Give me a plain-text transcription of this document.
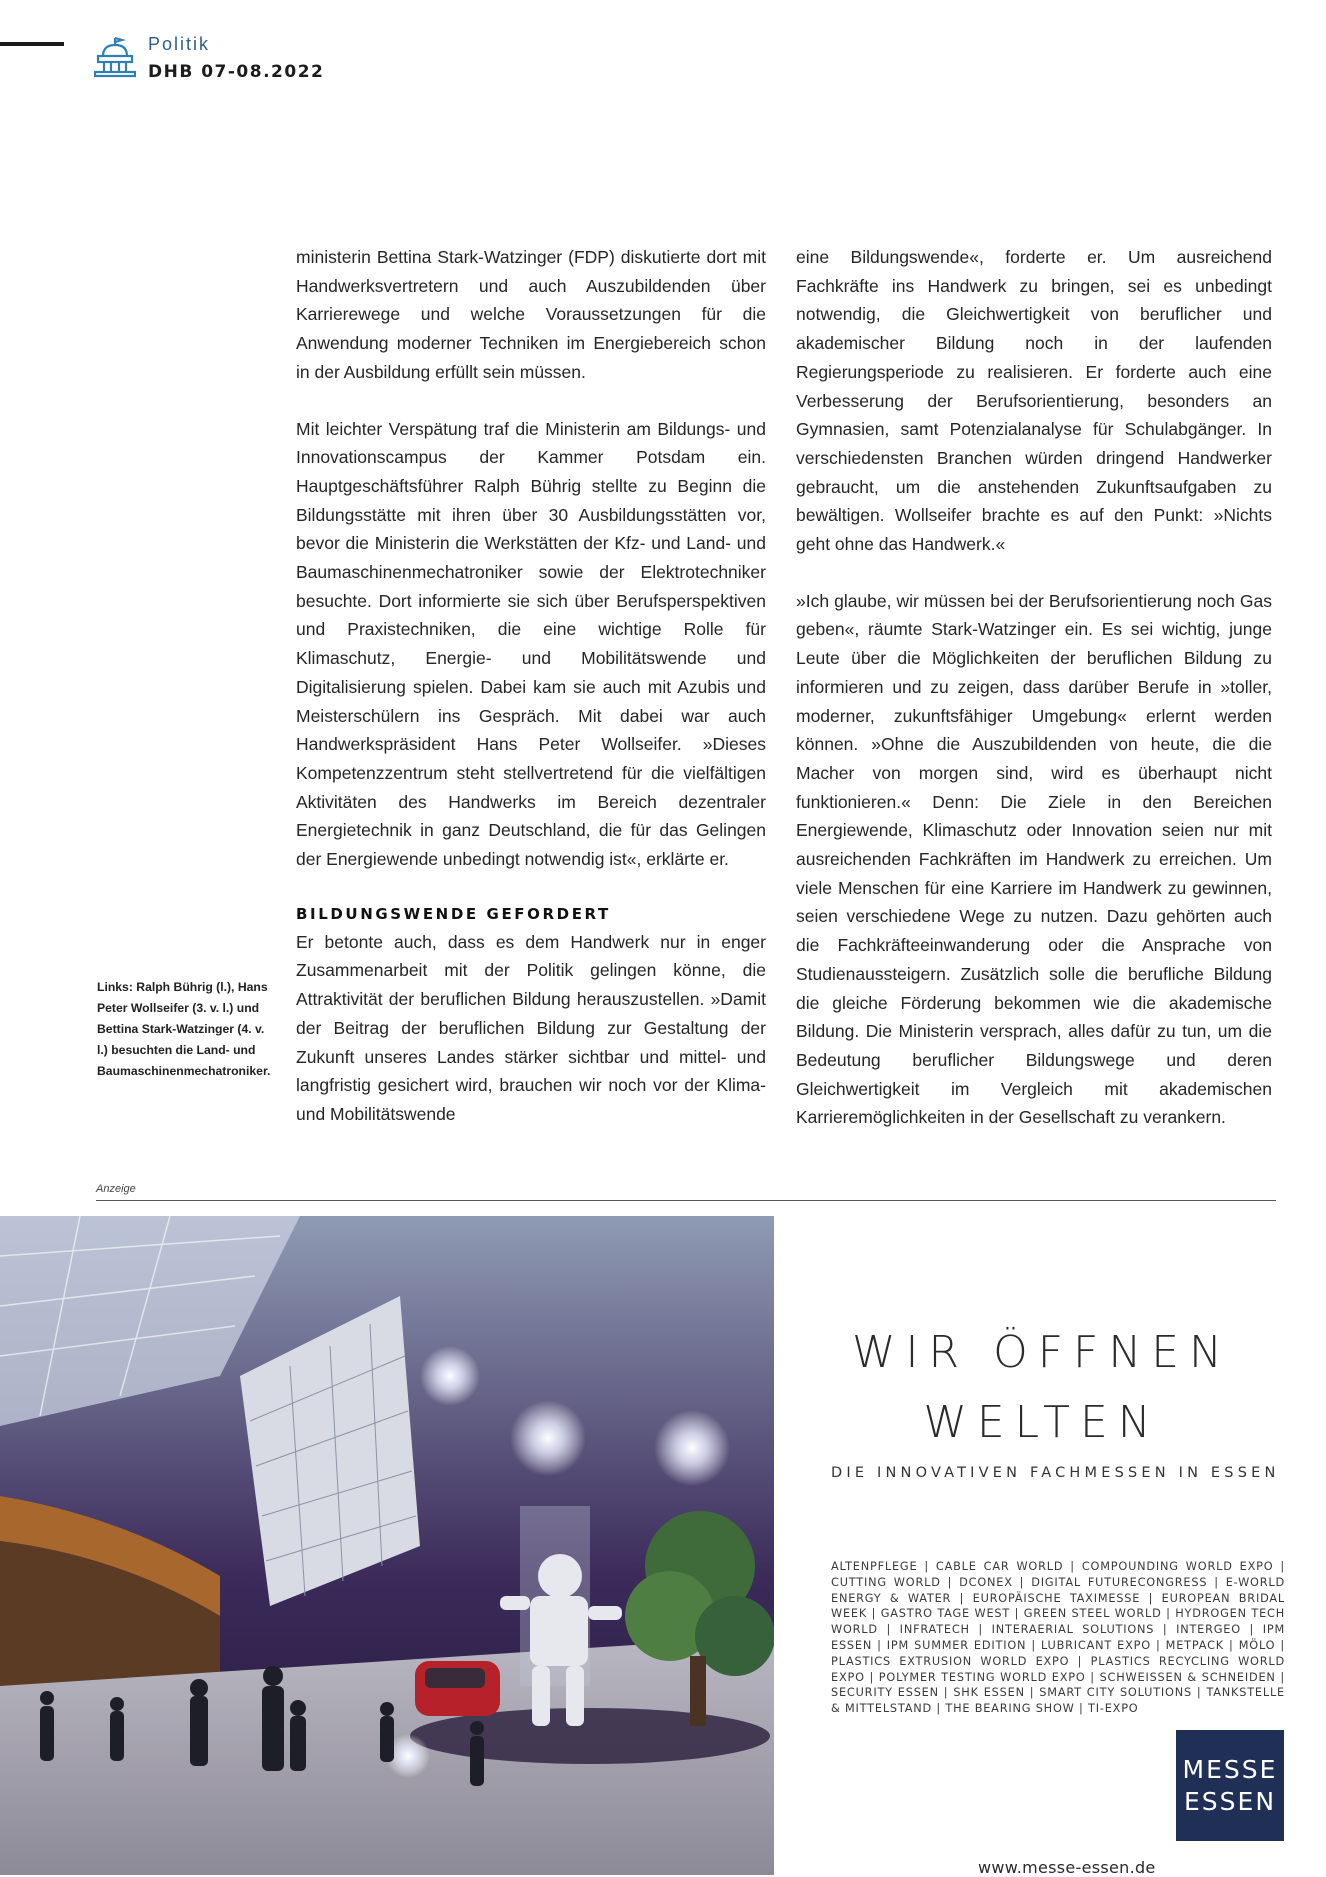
Politik
DHB 07-08.2022

ministerin Bettina Stark-Watzinger (FDP) diskutierte dort mit Handwerksvertretern und auch Auszubildenden über Karrierewege und welche Voraussetzungen für die Anwendung moderner Techniken im Energiebereich schon in der Ausbildung erfüllt sein müssen.

Mit leichter Verspätung traf die Ministerin am Bildungs- und Innovationscampus der Kammer Potsdam ein. Hauptgeschäftsführer Ralph Bührig stellte zu Beginn die Bildungsstätte mit ihren über 30 Ausbildungsstätten vor, bevor die Ministerin die Werkstätten der Kfz- und Land- und Baumaschinenmechatroniker sowie der Elektrotechniker besuchte. Dort informierte sie sich über Berufsperspektiven und Praxistechniken, die eine wichtige Rolle für Klimaschutz, Energie- und Mobilitätswende und Digitalisierung spielen. Dabei kam sie auch mit Azubis und Meisterschülern ins Gespräch. Mit dabei war auch Handwerkspräsident Hans Peter Wollseifer. »Dieses Kompetenzzentrum steht stellvertretend für die vielfältigen Aktivitäten des Handwerks im Bereich dezentraler Energietechnik in ganz Deutschland, die für das Gelingen der Energiewende unbedingt notwendig ist«, erklärte er.

BILDUNGSWENDE GEFORDERT

Er betonte auch, dass es dem Handwerk nur in enger Zusammenarbeit mit der Politik gelingen könne, die Attraktivität der beruflichen Bildung herauszustellen. »Damit der Beitrag der beruflichen Bildung zur Gestaltung der Zukunft unseres Landes stärker sichtbar und mittel- und langfristig gesichert wird, brauchen wir noch vor der Klima- und Mobilitätswende

eine Bildungswende«, forderte er. Um ausreichend Fachkräfte ins Handwerk zu bringen, sei es unbedingt notwendig, die Gleichwertigkeit von beruflicher und akademischer Bildung noch in der laufenden Regierungsperiode zu realisieren. Er forderte auch eine Verbesserung der Berufsorientierung, besonders an Gymnasien, samt Potenzialanalyse für Schulabgänger. In verschiedensten Branchen würden dringend Handwerker gebraucht, um die anstehenden Zukunftsaufgaben zu bewältigen. Wollseifer brachte es auf den Punkt: »Nichts geht ohne das Handwerk.«

»Ich glaube, wir müssen bei der Berufsorientierung noch Gas geben«, räumte Stark-Watzinger ein. Es sei wichtig, junge Leute über die Möglichkeiten der beruflichen Bildung zu informieren und zu zeigen, dass darüber Berufe in »toller, moderner, zukunftsfähiger Umgebung« erlernt werden können. »Ohne die Auszubildenden von heute, die die Macher von morgen sind, wird es überhaupt nicht funktionieren.« Denn: Die Ziele in den Bereichen Energiewende, Klimaschutz oder Innovation seien nur mit ausreichenden Fachkräften im Handwerk zu erreichen. Um viele Menschen für eine Karriere im Handwerk zu gewinnen, seien verschiedene Wege zu nutzen. Dazu gehörten auch die Fachkräfteeinwanderung oder die Ansprache von Studienaussteigern. Zusätzlich solle die berufliche Bildung die gleiche Förderung bekommen wie die akademische Bildung. Die Ministerin versprach, alles dafür zu tun, um die Bedeutung beruflicher Bildungswege und deren Gleichwertigkeit im Vergleich mit akademischen Karrieremöglichkeiten in der Gesellschaft zu verankern.

Links: Ralph Bührig (l.), Hans Peter Wollseifer (3. v. l.) und Bettina Stark-Watzinger (4. v. l.) besuchten die Land- und Baumaschinenmechatroniker.
Anzeige
WIR ÖFFNEN
WELTEN
DIE INNOVATIVEN FACHMESSEN IN ESSEN
ALTENPFLEGE | CABLE CAR WORLD | COMPOUNDING WORLD EXPO | CUTTING WORLD | DCONEX | DIGITAL FUTURECONGRESS | E-WORLD ENERGY & WATER | EUROPÄISCHE TAXIMESSE | EUROPEAN BRIDAL WEEK | GASTRO TAGE WEST | GREEN STEEL WORLD | HYDROGEN TECH WORLD | INFRATECH | INTERAERIAL SOLUTIONS | INTERGEO | IPM ESSEN | IPM SUMMER EDITION | LUBRICANT EXPO | METPACK | MÖLO | PLASTICS EXTRUSION WORLD EXPO | PLASTICS RECYCLING WORLD EXPO | POLYMER TESTING WORLD EXPO | SCHWEISSEN & SCHNEIDEN | SECURITY ESSEN | SHK ESSEN | SMART CITY SOLUTIONS | TANKSTELLE & MITTELSTAND | THE BEARING SHOW | TI-EXPO
MESSE
ESSEN
www.messe-essen.de
